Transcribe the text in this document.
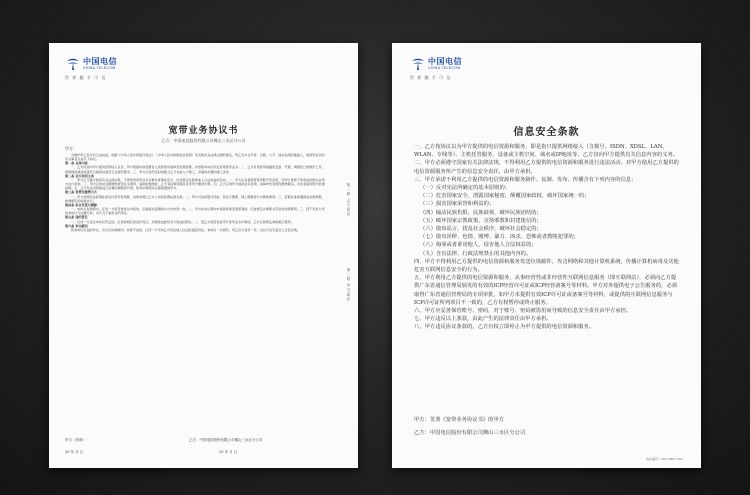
中国电信
CHINA TELECOM
世 界 触 手 可 及
宽带业务协议书
乙方：中国电信股份有限公司佛山三水区分公司
甲方：

为维护甲乙双方的合法权益，依据《中华人民共和国合同法》、《中华人民共和国电信条例》及其他有关法律法规的规定，甲乙双方在平等、自愿、公平、诚实信用的基础上，就宽带业务的有关事宜达成以下协议。

第一条 业务内容

一、乙方同意向甲方提供宽带接入业务，甲方根据实际需要自主选择宽带速率及资费套餐，并按照本协议约定使用宽带业务。二、乙方负责宽带线路的安装、开通、调测及日常维护工作，保障网络通信质量符合国家标准及行业规范要求。三、甲方应按约定时间配合乙方完成入户施工，并提供必要的施工条件。

第二条 双方权利义务

一、甲方应当遵守国家有关法律法规，不得利用宽带业务从事危害国家安全、社会稳定及损害他人合法权益的活动。二、甲方应妥善保管宽带账号及密码，因甲方保管不善造成的损失由甲方自行承担。三、甲方应按时足额缴纳宽带业务费用，逾期未缴纳的，乙方有权暂停服务直至甲方缴清欠费。四、乙方应向甲方提供业务咨询、故障申告受理及维修服务，并在承诺时限内处理故障。五、乙方有权对网络进行必要的调整和升级，如需中断服务应提前通知甲方。

第三条 资费及缴费方式

一、甲方按照所选套餐标准支付宽带使用费，具体资费以乙方公布的资费标准为准。二、甲方可选择银行托收、营业厅缴费、网上缴费等方式缴纳费用。三、资费标准如遇国家政策调整，按调整后的标准执行。

第四条 协议变更与解除

一、本协议有效期内，任何一方需变更协议内容的，应提前书面通知对方并协商一致。二、甲方在协议期内申请拆机或变更套餐的，应按规定办理相关手续并结清费用。三、因不可抗力导致本协议无法履行的，双方互不承担违约责任。

第五条 违约责任

一、任何一方违反本协议约定的，应承担相应的违约责任，并赔偿由此给对方造成的损失。二、因乙方原因造成甲方宽带业务中断的，乙方应按规定减免相应费用。

第六条 争议解决

因本协议引起的争议，双方应协商解决；协商不成的，任何一方可向乙方所在地人民法院提起诉讼。本协议一式两份，甲乙双方各执一份，自双方签字盖章之日起生效。

第一联 乙方留存
第二联 甲方留存
甲方（签章）：	乙方：中国电信股份有限公司佛山三水区分公司
20 年 月 日	20 年 月 日
中国电信
CHINA TELECOM
世 界 触 手 可 及
信息安全条款

一、乙方按协议以为甲方提供的电信资源和服务，即是指只提供网络接入（含拨号、ISDN、XDSL、LAN、WLAN、专线等）、主机托管服务、设备或主机空间、域名或IP地址等，乙方仅向甲方提供有关信息内容的义务。

二、甲方必须遵守国家有关法律法规，不得利用乙方提供的电信资源和服务进行违法活动。对甲方使用乙方提供的电信资源服务所产生的信息安全责任，由甲方承担。

三、甲方承诺不利用乙方提供的电信资源和服务制作、复制、发布、传播含有下列内容的信息：

（一）反对宪法所确定的基本原则的；

（二）危害国家安全，泄露国家秘密，颠覆国家政权，破坏国家统一的；

（三）损害国家荣誉和利益的；

（四）煽动民族仇恨、民族歧视，破坏民族团结的；

（五）破坏国家宗教政策，宣扬邪教和封建迷信的；

（六）散布谣言，扰乱社会秩序，破坏社会稳定的；

（七）散布淫秽、色情、赌博、暴力、凶杀、恐怖或者教唆犯罪的；

（八）侮辱或者诽谤他人，侵害他人合法权益的；

（九）含有法律、行政法规禁止的其他内容的。

四、甲方不得利用乙方提供的电信资源和服务发送垃圾邮件，攻击网络和其他计算机系统，传播计算机病毒及其他危害互联网信息安全的行为。

五、甲方利用乙方提供的电信资源和服务，从事经营性或非经营性互联网信息服务（即互联网站），必须向乙方提供广东省通信管理局颁发的有效的ICP经营许可证或ICP经营备案号等材料。甲方对外提供电子公告服务的，必须取得广东省通信管理局的专项审批，如甲方未提供有效ICP许可证或备案号等材料，或提供的互联网信息服务与ICP许可证所列项目不一致的，乙方有权暂停或终止服务。

六、甲方应妥善保管账号、密码，对于账号、密码被盗用而导致的信息安全责任由甲方承担。

七、甲方违反以上条款，由此产生的法律责任由甲方承担。

八、甲方违反协议条款的，乙方有权立即停止为甲方提供的电信资源和服务。

甲方：签署《宽带业务协议书》的甲方
乙方：中国电信股份有限公司佛山三水区分公司
协议编号：20170807-001
